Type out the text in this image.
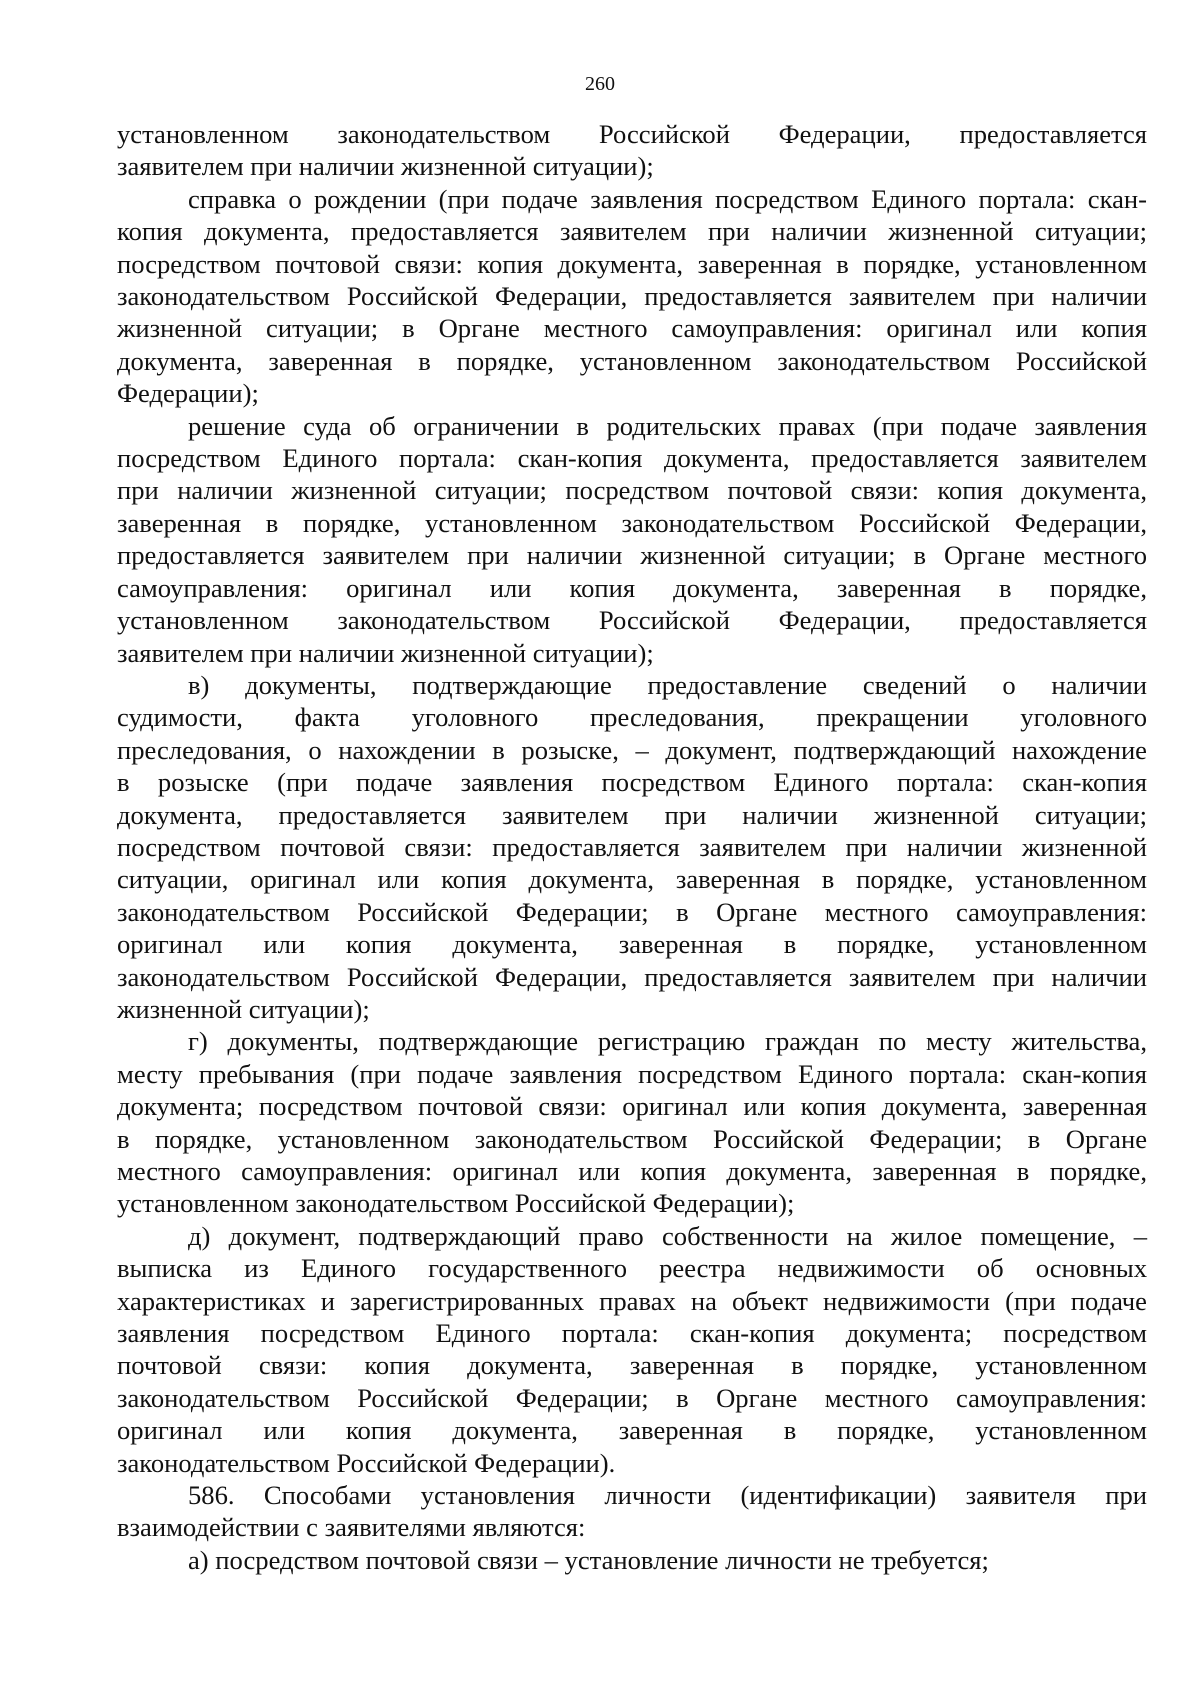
260
установленном законодательством Российской Федерации, предоставляется
заявителем при наличии жизненной ситуации);
справка о рождении (при подаче заявления посредством Единого портала: скан-
копия документа, предоставляется заявителем при наличии жизненной ситуации;
посредством почтовой связи: копия документа, заверенная в порядке, установленном
законодательством Российской Федерации, предоставляется заявителем при наличии
жизненной ситуации; в Органе местного самоуправления: оригинал или копия
документа, заверенная в порядке, установленном законодательством Российской
Федерации);
решение суда об ограничении в родительских правах (при подаче заявления
посредством Единого портала: скан-копия документа, предоставляется заявителем
при наличии жизненной ситуации; посредством почтовой связи: копия документа,
заверенная в порядке, установленном законодательством Российской Федерации,
предоставляется заявителем при наличии жизненной ситуации; в Органе местного
самоуправления: оригинал или копия документа, заверенная в порядке,
установленном законодательством Российской Федерации, предоставляется
заявителем при наличии жизненной ситуации);
в) документы, подтверждающие предоставление сведений о наличии
судимости, факта уголовного преследования, прекращении уголовного
преследования, о нахождении в розыске, – документ, подтверждающий нахождение
в розыске (при подаче заявления посредством Единого портала: скан-копия
документа, предоставляется заявителем при наличии жизненной ситуации;
посредством почтовой связи: предоставляется заявителем при наличии жизненной
ситуации, оригинал или копия документа, заверенная в порядке, установленном
законодательством Российской Федерации; в Органе местного самоуправления:
оригинал или копия документа, заверенная в порядке, установленном
законодательством Российской Федерации, предоставляется заявителем при наличии
жизненной ситуации);
г) документы, подтверждающие регистрацию граждан по месту жительства,
месту пребывания (при подаче заявления посредством Единого портала: скан-копия
документа; посредством почтовой связи: оригинал или копия документа, заверенная
в порядке, установленном законодательством Российской Федерации; в Органе
местного самоуправления: оригинал или копия документа, заверенная в порядке,
установленном законодательством Российской Федерации);
д) документ, подтверждающий право собственности на жилое помещение, –
выписка из Единого государственного реестра недвижимости об основных
характеристиках и зарегистрированных правах на объект недвижимости (при подаче
заявления посредством Единого портала: скан-копия документа; посредством
почтовой связи: копия документа, заверенная в порядке, установленном
законодательством Российской Федерации; в Органе местного самоуправления:
оригинал или копия документа, заверенная в порядке, установленном
законодательством Российской Федерации).
586. Способами установления личности (идентификации) заявителя при
взаимодействии с заявителями являются:
а) посредством почтовой связи – установление личности не требуется;
